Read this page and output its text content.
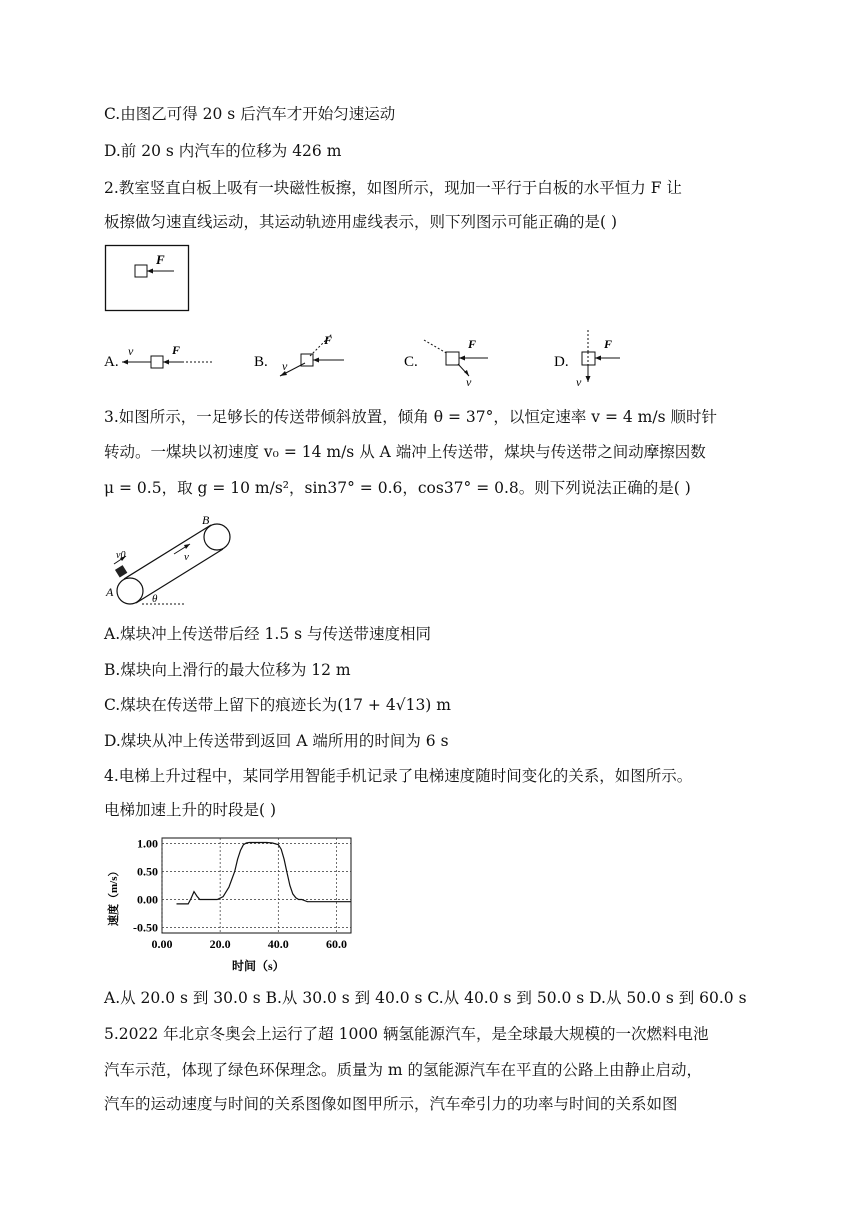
C.由图乙可得 20 s 后汽车才开始匀速运动
D.前 20 s 内汽车的位移为 426 m
2.教室竖直白板上吸有一块磁性板擦，如图所示，现加一平行于白板的水平恒力 F 让
板擦做匀速直线运动，其运动轨迹用虚线表示，则下列图示可能正确的是( )
F
A.
v	F
B.
F
v	C.
F
v
D.
F
v
3.如图所示，一足够长的传送带倾斜放置，倾角 θ = 37°，以恒定速率 v = 4 m/s 顺时针
转动。一煤块以初速度 v₀ = 14 m/s 从 A 端冲上传送带，煤块与传送带之间动摩擦因数
μ = 0.5，取 g = 10 m/s²，sin37° = 0.6，cos37° = 0.8。则下列说法正确的是( )
v0	v
A
B
θ
A.煤块冲上传送带后经 1.5 s 与传送带速度相同
B.煤块向上滑行的最大位移为 12 m
C.煤块在传送带上留下的痕迹长为(17 + 4√13) m
D.煤块从冲上传送带到返回 A 端所用的时间为 6 s
4.电梯上升过程中，某同学用智能手机记录了电梯速度随时间变化的关系，如图所示。
电梯加速上升的时段是( )
1.00
0.50
0.00
-0.50
0.00	20.0	40.0	60.0
速度（m/s）
时间（s）
A.从 20.0 s 到 30.0 s B.从 30.0 s 到 40.0 s C.从 40.0 s 到 50.0 s D.从 50.0 s 到 60.0 s
5.2022 年北京冬奥会上运行了超 1000 辆氢能源汽车，是全球最大规模的一次燃料电池
汽车示范，体现了绿色环保理念。质量为 m 的氢能源汽车在平直的公路上由静止启动，
汽车的运动速度与时间的关系图像如图甲所示，汽车牵引力的功率与时间的关系如图
